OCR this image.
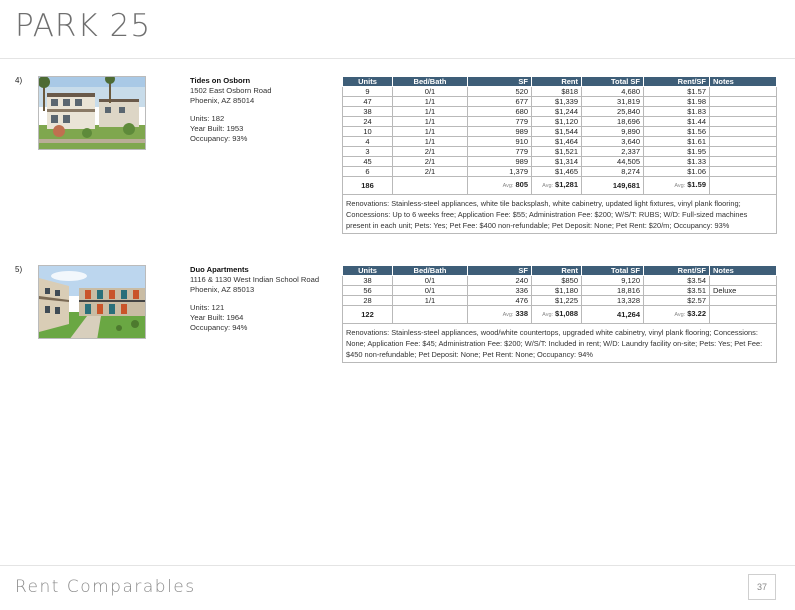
PARK 25
4)	Tides on Osborn
1502 East Osborn Road
Phoenix, AZ 85014
Units: 182
Year Built: 1953
Occupancy: 93%
Units	Bed/Bath	SF	Rent	Total SF	Rent/SF	Notes
9	0/1	520	$818	4,680	$1.57	
47	1/1	677	$1,339	31,819	$1.98	
38	1/1	680	$1,244	25,840	$1.83	
24	1/1	779	$1,120	18,696	$1.44	
10	1/1	989	$1,544	9,890	$1.56	
4	1/1	910	$1,464	3,640	$1.61	
3	2/1	779	$1,521	2,337	$1.95	
45	2/1	989	$1,314	44,505	$1.33	
6	2/1	1,379	$1,465	8,274	$1.06	
186		Avg: 805	Avg: $1,281	149,681	Avg: $1.59	
Renovations: Stainless-steel appliances, white tile backsplash, white cabinetry, updated light fixtures, vinyl plank flooring; Concessions: Up to 6 weeks free; Application Fee: $55; Administration Fee: $200; W/S/T: RUBS; W/D: Full-sized machines present in each unit; Pets: Yes; Pet Fee: $400 non-refundable; Pet Deposit: None; Pet Rent: $20/m; Occupancy: 93%						
5)	Duo Apartments
1116 & 1130 West Indian School Road
Phoenix, AZ 85013
Units: 121
Year Built: 1964
Occupancy: 94%
Units	Bed/Bath	SF	Rent	Total SF	Rent/SF	Notes
38	0/1	240	$850	9,120	$3.54	
56	0/1	336	$1,180	18,816	$3.51	Deluxe
28	1/1	476	$1,225	13,328	$2.57	
122		Avg: 338	Avg: $1,088	41,264	Avg: $3.22	
Renovations: Stainless-steel appliances, wood/white countertops, upgraded white cabinetry, vinyl plank flooring; Concessions: None; Application Fee: $45; Administration Fee: $200; W/S/T: Included in rent; W/D: Laundry facility on-site; Pets: Yes; Pet Fee: $450 non-refundable; Pet Deposit: None; Pet Rent: None; Occupancy: 94%						
Rent Comparables	37
